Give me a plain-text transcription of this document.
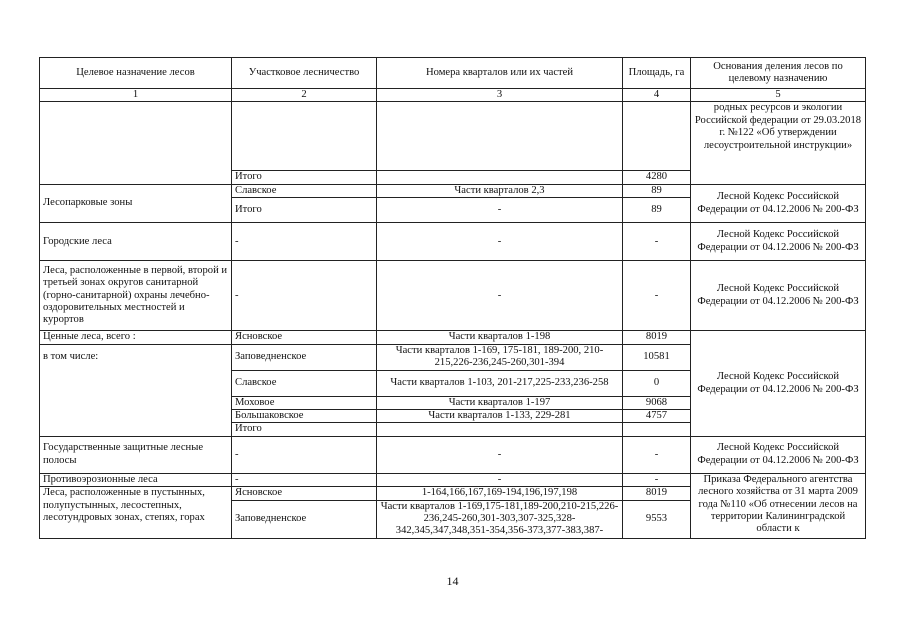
Целевое назначение лесов	Участковое лесничество	Номера кварталов или их частей	Площадь, га	Основания деления лесов по целевому назначению
1	2	3	4	5
				родных ресурсов и экологии Российской федерации от 29.03.2018 г. №122 «Об утверждении лесоустроительной инструкции»
	Итого		4280	
Лесопарковые зоны	Славское	Части кварталов 2,3	89	Лесной Кодекс Российской Федерации от 04.12.2006 № 200-ФЗ
	Итого	-	89	
Городские леса	-	-	-	Лесной Кодекс Российской Федерации от 04.12.2006 № 200-ФЗ
Леса, расположенные в первой, второй и третьей зонах округов санитарной (горно-санитарной) охраны лечебно-оздоровительных местностей и курортов	-	-	-	Лесной Кодекс Российской Федерации от 04.12.2006 № 200-ФЗ
Ценные леса, всего :	Ясновское	Части кварталов 1-198	8019	Лесной Кодекс Российской Федерации от 04.12.2006 № 200-ФЗ
в том числе:	Заповедненское	Части кварталов 1-169, 175-181, 189-200, 210-215,226-236,245-260,301-394	10581	
	Славское	Части кварталов 1-103, 201-217,225-233,236-258	0	
	Моховое	Части кварталов 1-197	9068	
	Большаковское	Части кварталов 1-133, 229-281	4757	
	Итого			
Государственные защитные лесные полосы	-	-	-	Лесной Кодекс Российской Федерации от 04.12.2006 № 200-ФЗ
Противоэрозионные леса	-	-	-	Приказа Федерального агентства лесного хозяйства от 31 марта 2009 года №110 «Об отнесении лесов на территории Калининградской области к
Леса, расположенные в пустынных, полупустынных, лесостепных, лесотундровых зонах, степях, горах	Ясновское	1-164,166,167,169-194,196,197,198	8019	
	Заповедненское	Части кварталов 1-169,175-181,189-200,210-215,226-236,245-260,301-303,307-325,328-342,345,347,348,351-354,356-373,377-383,387-	9553	
14
